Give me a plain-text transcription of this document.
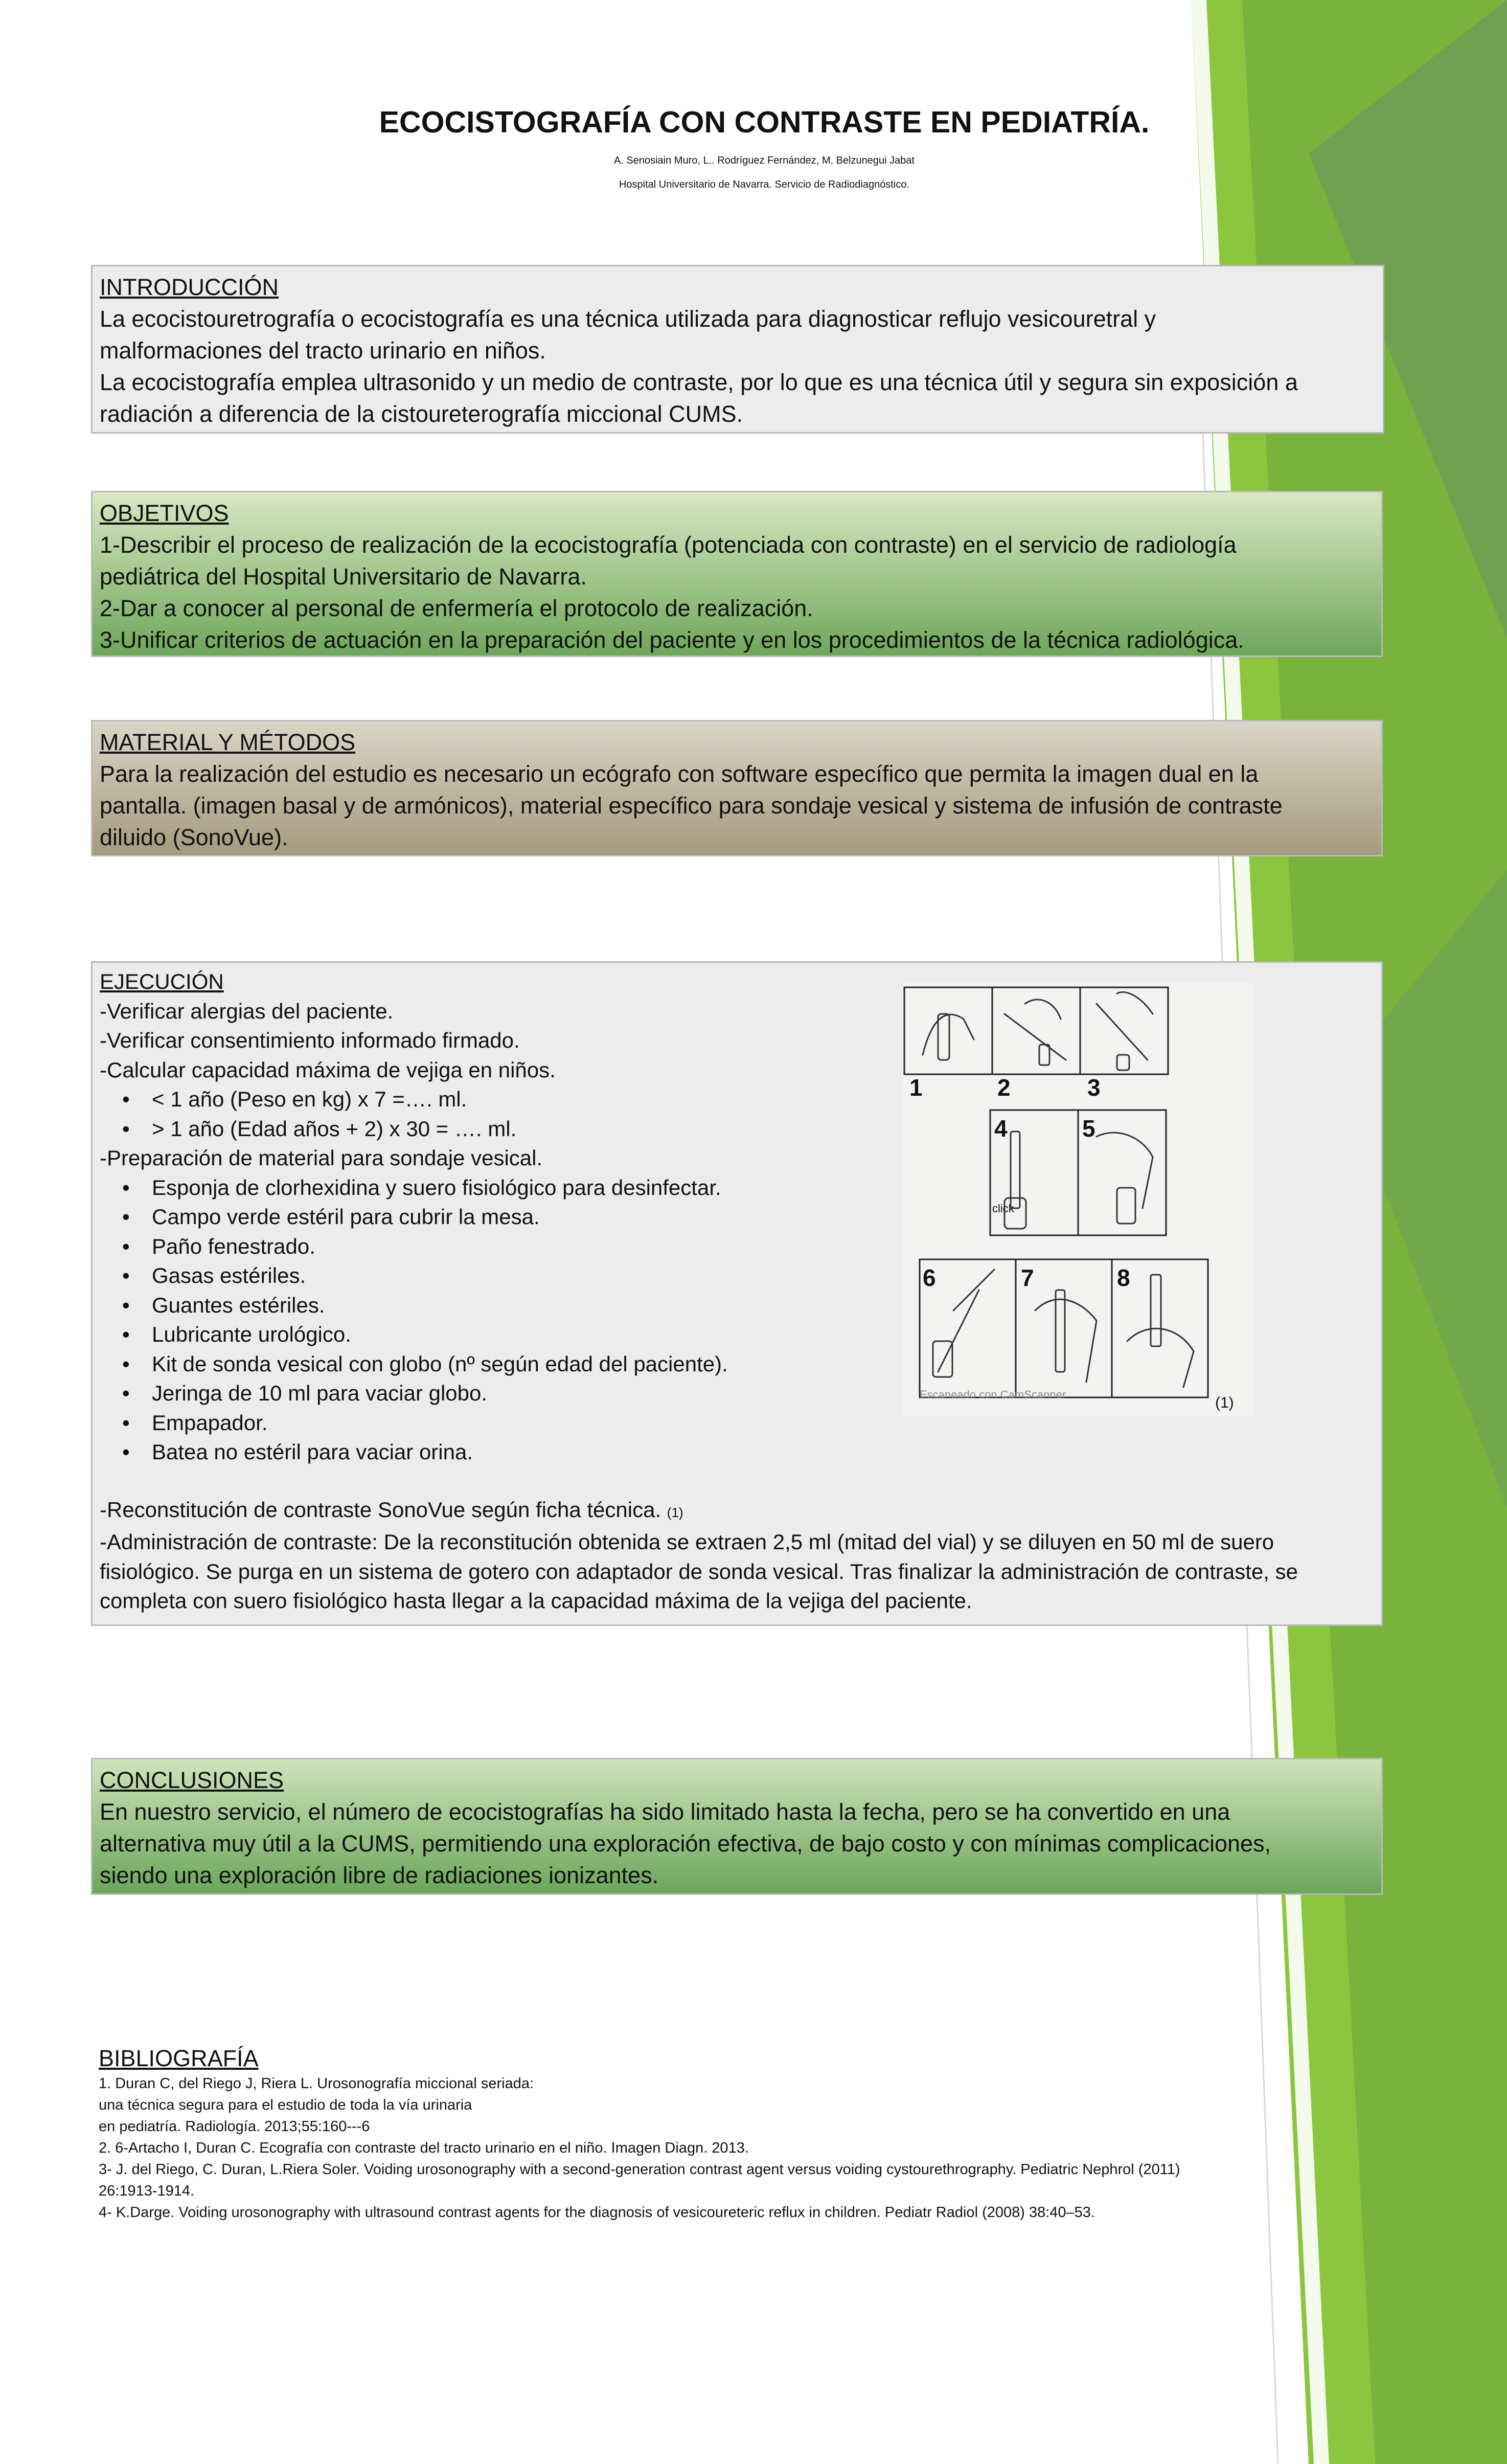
ECOCISTOGRAFÍA CON CONTRASTE EN PEDIATRÍA.
A. Senosiain Muro, L.. Rodríguez Fernández, M. Belzunegui Jabat
Hospital Universitario de Navarra. Servicio de Radiodiagnóstico.
INTRODUCCIÓN
La ecocistouretrografía o ecocistografía es una técnica utilizada para diagnosticar reflujo vesicouretral y
malformaciones del tracto urinario en niños.
La ecocistografía emplea ultrasonido y un medio de contraste, por lo que es una técnica útil y segura sin exposición a
radiación a diferencia de la cistoureterografía miccional CUMS.
OBJETIVOS
1-Describir el proceso de realización de la ecocistografía (potenciada con contraste) en el servicio de radiología
pediátrica del Hospital Universitario de Navarra.
2-Dar a conocer al personal de enfermería el protocolo de realización.
3-Unificar criterios de actuación en la preparación del paciente y en los procedimientos de la técnica radiológica.
MATERIAL Y MÉTODOS
Para la realización del estudio es necesario un ecógrafo con software específico que permita la imagen dual en la
pantalla. (imagen basal y de armónicos), material específico para sondaje vesical y sistema de infusión de contraste
diluido (SonoVue).
EJECUCIÓN
-Verificar alergias del paciente.
-Verificar consentimiento informado firmado.
-Calcular capacidad máxima de vejiga en niños.
• < 1 año (Peso en kg) x 7 =…. ml.
• > 1 año (Edad años + 2) x 30 = …. ml.
-Preparación de material para sondaje vesical.
• Esponja de clorhexidina y suero fisiológico para desinfectar.
• Campo verde estéril para cubrir la mesa.
• Paño fenestrado.
• Gasas estériles.
• Guantes estériles.
• Lubricante urológico.
• Kit de sonda vesical con globo (nº según edad del paciente).
• Jeringa de 10 ml para vaciar globo.
• Empapador.
• Batea no estéril para vaciar orina.
-Reconstitución de contraste SonoVue según ficha técnica. (1)
-Administración de contraste: De la reconstitución obtenida se extraen 2,5 ml (mitad del vial) y se diluyen en 50 ml de suero
fisiológico. Se purga en un sistema de gotero con adaptador de sonda vesical. Tras finalizar la administración de contraste, se
completa con suero fisiológico hasta llegar a la capacidad máxima de la vejiga del paciente.
1	2	3
4	5
6	7	8
click
Escaneado con CamScanner	(1)
CONCLUSIONES
En nuestro servicio, el número de ecocistografías ha sido limitado hasta la fecha, pero se ha convertido en una
alternativa muy útil a la CUMS, permitiendo una exploración efectiva, de bajo costo y con mínimas complicaciones,
siendo una exploración libre de radiaciones ionizantes.
BIBLIOGRAFÍA
1. Duran C, del Riego J, Riera L. Urosonografía miccional seriada:
una técnica segura para el estudio de toda la vía urinaria
en pediatría. Radiología. 2013;55:160---6
2. 6-Artacho I, Duran C. Ecografía con contraste del tracto urinario en el niño. Imagen Diagn. 2013.
3- J. del Riego, C. Duran, L.Riera Soler. Voiding urosonography with a second-generation contrast agent versus voiding cystourethrography. Pediatric Nephrol (2011)
26:1913-1914.
4- K.Darge. Voiding urosonography with ultrasound contrast agents for the diagnosis of vesicoureteric reflux in children. Pediatr Radiol (2008) 38:40–53.
